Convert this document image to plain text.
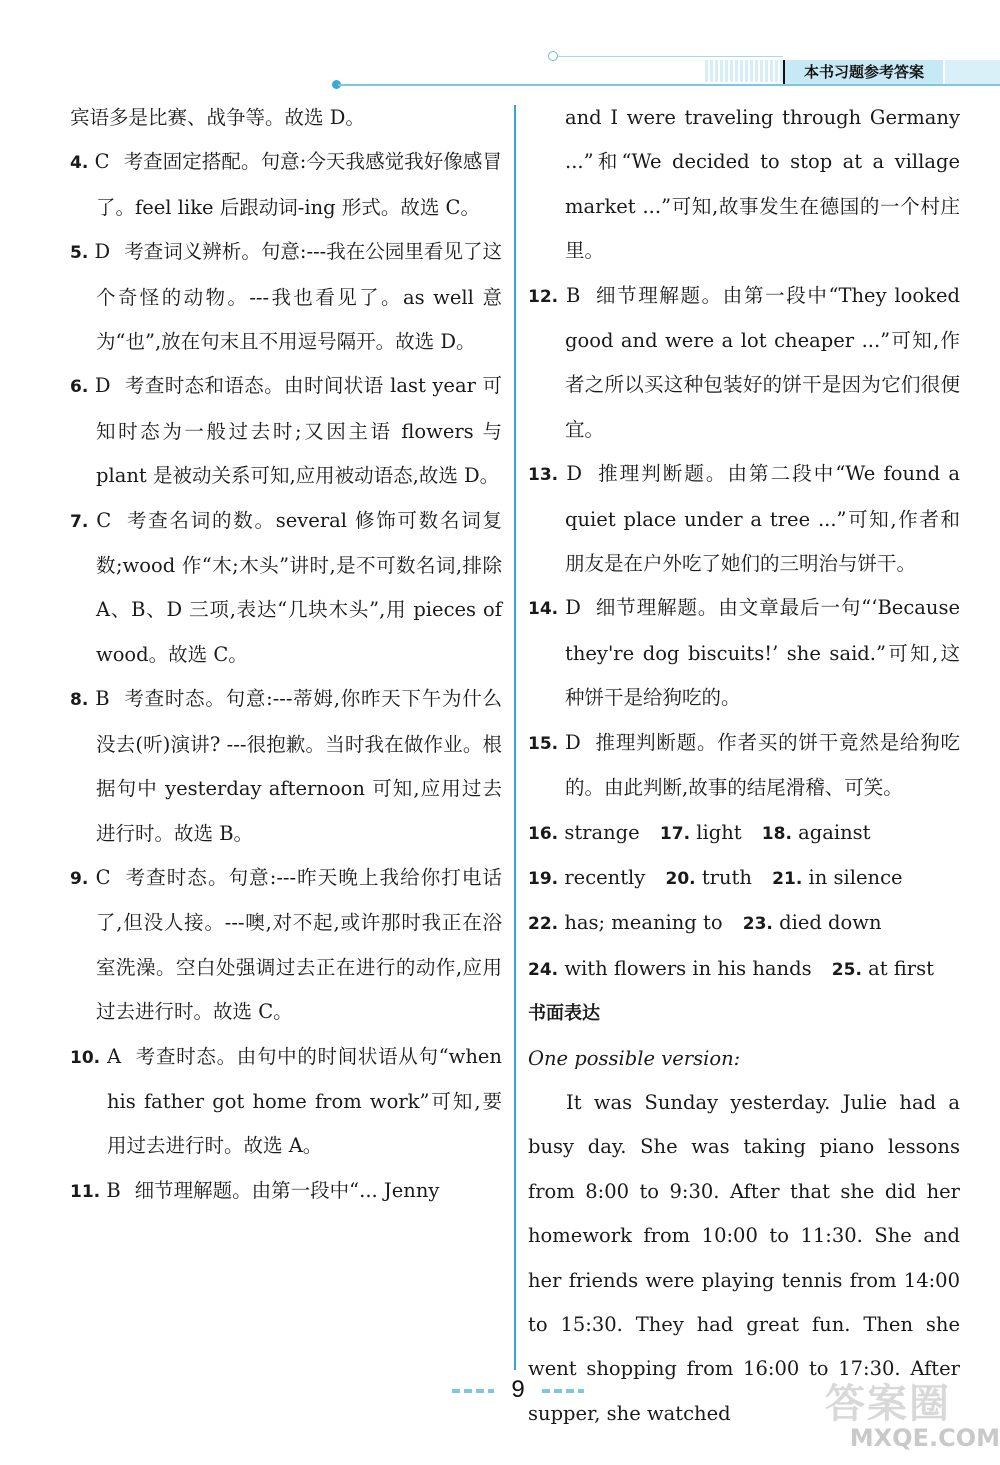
本书习题参考答案

宾语多是比赛、战争等。故选 D。

4. C 考查固定搭配。句意:今天我感觉我好像感冒了。feel like 后跟动词-ing 形式。故选 C。

5. D 考查词义辨析。句意:---我在公园里看见了这个奇怪的动物。---我也看见了。as well 意为“也”,放在句末且不用逗号隔开。故选 D。

6. D 考查时态和语态。由时间状语 last year 可知时态为一般过去时;又因主语 flowers 与 plant 是被动关系可知,应用被动语态,故选 D。

7. C 考查名词的数。several 修饰可数名词复数;wood 作“木;木头”讲时,是不可数名词,排除 A、B、D 三项,表达“几块木头”,用 pieces of wood。故选 C。

8. B 考查时态。句意:---蒂姆,你昨天下午为什么没去(听)演讲? ---很抱歉。当时我在做作业。根据句中 yesterday afternoon 可知,应用过去进行时。故选 B。

9. C 考查时态。句意:---昨天晚上我给你打电话了,但没人接。---噢,对不起,或许那时我正在浴室洗澡。空白处强调过去正在进行的动作,应用过去进行时。故选 C。

10. A 考查时态。由句中的时间状语从句“when his father got home from work”可知,要用过去进行时。故选 A。

11. B 细节理解题。由第一段中“... Jenny

and I were traveling through Germany ...”和“We decided to stop at a village market ...”可知,故事发生在德国的一个村庄里。

12. B 细节理解题。由第一段中“They looked good and were a lot cheaper ...”可知,作者之所以买这种包装好的饼干是因为它们很便宜。

13. D 推理判断题。由第二段中“We found a quiet place under a tree ...”可知,作者和朋友是在户外吃了她们的三明治与饼干。

14. D 细节理解题。由文章最后一句“‘Because they're dog biscuits!’ she said.”可知,这种饼干是给狗吃的。

15. D 推理判断题。作者买的饼干竟然是给狗吃的。由此判断,故事的结尾滑稽、可笑。

16. strange 17. light 18. against

19. recently 20. truth 21. in silence

22. has; meaning to 23. died down

24. with flowers in his hands 25. at first

书面表达

One possible version:

It was Sunday yesterday. Julie had a busy day. She was taking piano lessons from 8:00 to 9:30. After that she did her homework from 10:00 to 11:30. She and her friends were playing tennis from 14:00 to 15:30. They had great fun. Then she went shopping from 16:00 to 17:30. After supper, she watched

9	答案圈
MXQE.COM
